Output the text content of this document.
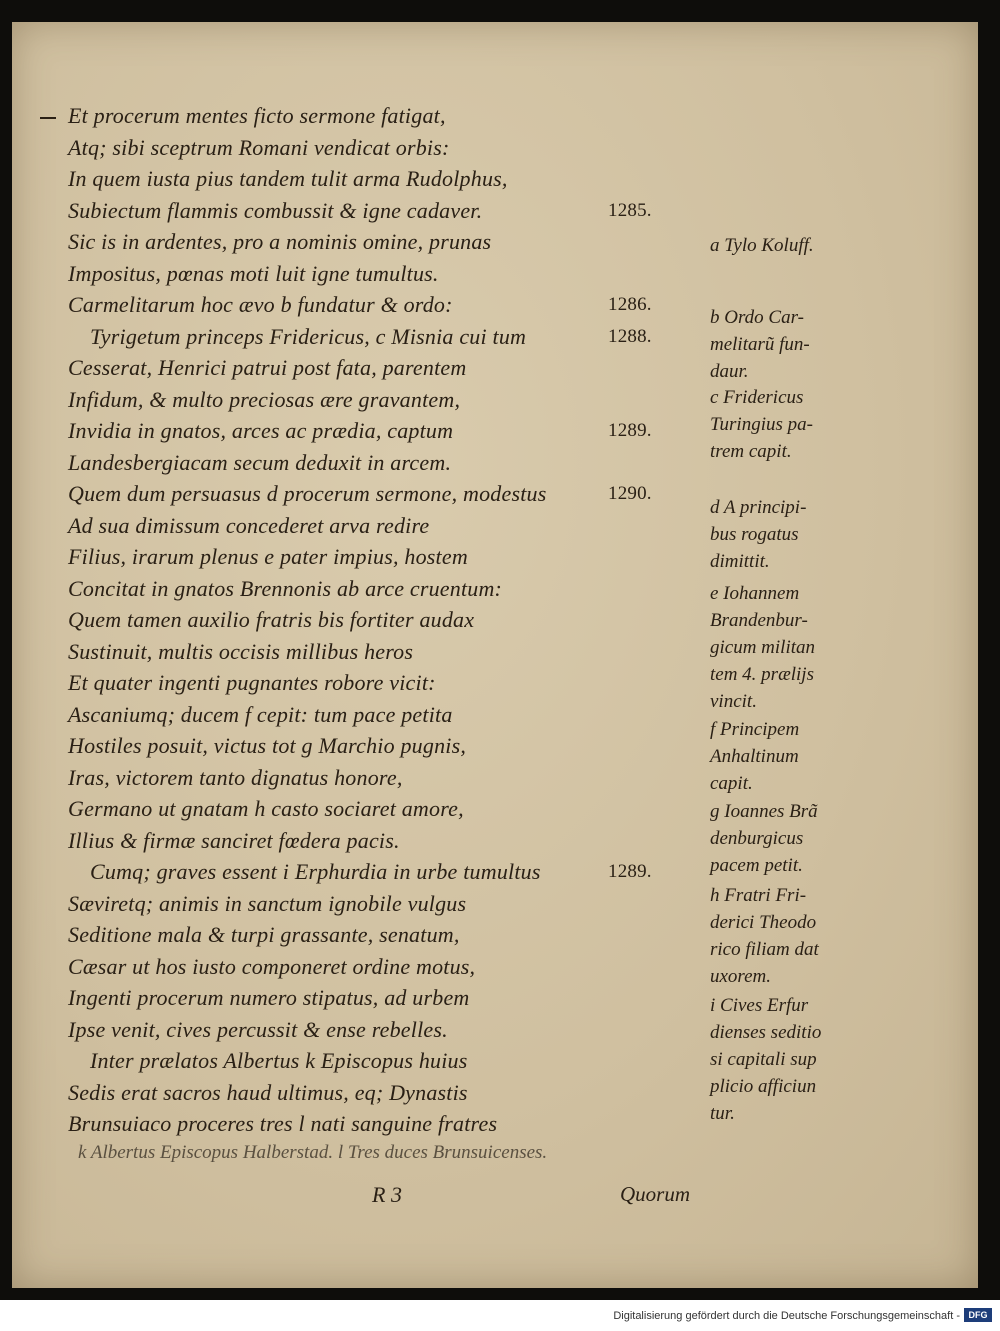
Et procerum mentes ficto sermone fatigat,
Atq; sibi sceptrum Romani vendicat orbis:
In quem iusta pius tandem tulit arma Rudolphus,
Subiectum flammis combussit & igne cadaver.	1285.
Sic is in ardentes, pro a nominis omine, prunas
Impositus, pœnas moti luit igne tumultus.
Carmelitarum hoc ævo b fundatur & ordo:	1286.
Tyrigetum princeps Fridericus, c Misnia cui tum	1288.
Cesserat, Henrici patrui post fata, parentem
Infidum, & multo preciosas ære gravantem,
Invidia in gnatos, arces ac prædia, captum	1289.
Landesbergiacam secum deduxit in arcem.
Quem dum persuasus d procerum sermone, modestus	1290.
Ad sua dimissum concederet arva redire
Filius, irarum plenus e pater impius, hostem
Concitat in gnatos Brennonis ab arce cruentum:
Quem tamen auxilio fratris bis fortiter audax
Sustinuit, multis occisis millibus heros
Et quater ingenti pugnantes robore vicit:
Ascaniumq; ducem f cepit: tum pace petita
Hostiles posuit, victus tot g Marchio pugnis,
Iras, victorem tanto dignatus honore,
Germano ut gnatam h casto sociaret amore,
Illius & firmæ sanciret fœdera pacis.
Cumq; graves essent i Erphurdia in urbe tumultus	1289.
Sæviretq; animis in sanctum ignobile vulgus
Seditione mala & turpi grassante, senatum,
Cæsar ut hos iusto componeret ordine motus,
Ingenti procerum numero stipatus, ad urbem
Ipse venit, cives percussit & ense rebelles.
Inter prælatos Albertus k Episcopus huius
Sedis erat sacros haud ultimus, eq; Dynastis
Brunsuiaco proceres tres l nati sanguine fratres
k Albertus Episcopus Halberstad. l Tres duces Brunsuicenses.
R 3	Quorum
a Tylo Koluff.
b Ordo Car-
melitarũ fun-
daur.
c Fridericus
Turingius pa-
trem capit.
d A principi-
bus rogatus
dimittit.
e Iohannem
Brandenbur-
gicum militan
tem 4. prælijs
vincit.
f Principem
Anhaltinum
capit.
g Ioannes Brã
denburgicus
pacem petit.
h Fratri Fri-
derici Theodo
rico filiam dat
uxorem.
i Cives Erfur
dienses seditio
si capitali sup
plicio afficiun
tur.
Digitalisierung gefördert durch die Deutsche Forschungsgemeinschaft - DFG
